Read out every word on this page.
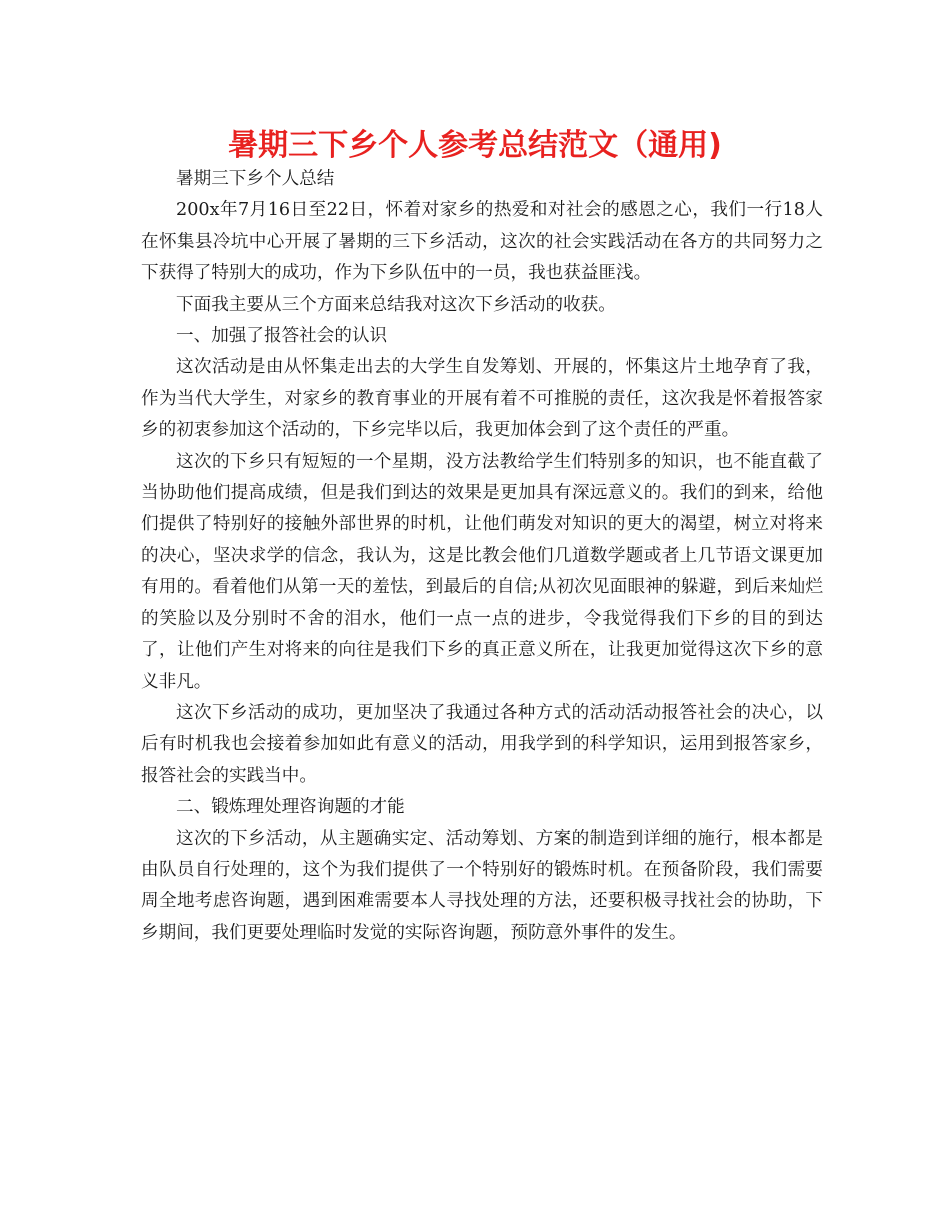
暑期三下乡个人参考总结范文（通用)

暑期三下乡个人总结

200x年7月16日至22日，怀着对家乡的热爱和对社会的感恩之心，我们一行18人在怀集县冷坑中心开展了暑期的三下乡活动，这次的社会实践活动在各方的共同努力之下获得了特别大的成功，作为下乡队伍中的一员，我也获益匪浅。

下面我主要从三个方面来总结我对这次下乡活动的收获。

一、加强了报答社会的认识

这次活动是由从怀集走出去的大学生自发筹划、开展的，怀集这片土地孕育了我，作为当代大学生，对家乡的教育事业的开展有着不可推脱的责任，这次我是怀着报答家乡的初衷参加这个活动的，下乡完毕以后，我更加体会到了这个责任的严重。

这次的下乡只有短短的一个星期，没方法教给学生们特别多的知识，也不能直截了当协助他们提高成绩，但是我们到达的效果是更加具有深远意义的。我们的到来，给他们提供了特别好的接触外部世界的时机，让他们萌发对知识的更大的渴望，树立对将来的决心，坚决求学的信念，我认为，这是比教会他们几道数学题或者上几节语文课更加有用的。看着他们从第一天的羞怯，到最后的自信;从初次见面眼神的躲避，到后来灿烂的笑脸以及分别时不舍的泪水，他们一点一点的进步，令我觉得我们下乡的目的到达了，让他们产生对将来的向往是我们下乡的真正意义所在，让我更加觉得这次下乡的意义非凡。

这次下乡活动的成功，更加坚决了我通过各种方式的活动活动报答社会的决心，以后有时机我也会接着参加如此有意义的活动，用我学到的科学知识，运用到报答家乡，报答社会的实践当中。

二、锻炼理处理咨询题的才能

这次的下乡活动，从主题确实定、活动筹划、方案的制造到详细的施行，根本都是由队员自行处理的，这个为我们提供了一个特别好的锻炼时机。在预备阶段，我们需要周全地考虑咨询题，遇到困难需要本人寻找处理的方法，还要积极寻找社会的协助，下乡期间，我们更要处理临时发觉的实际咨询题，预防意外事件的发生。
